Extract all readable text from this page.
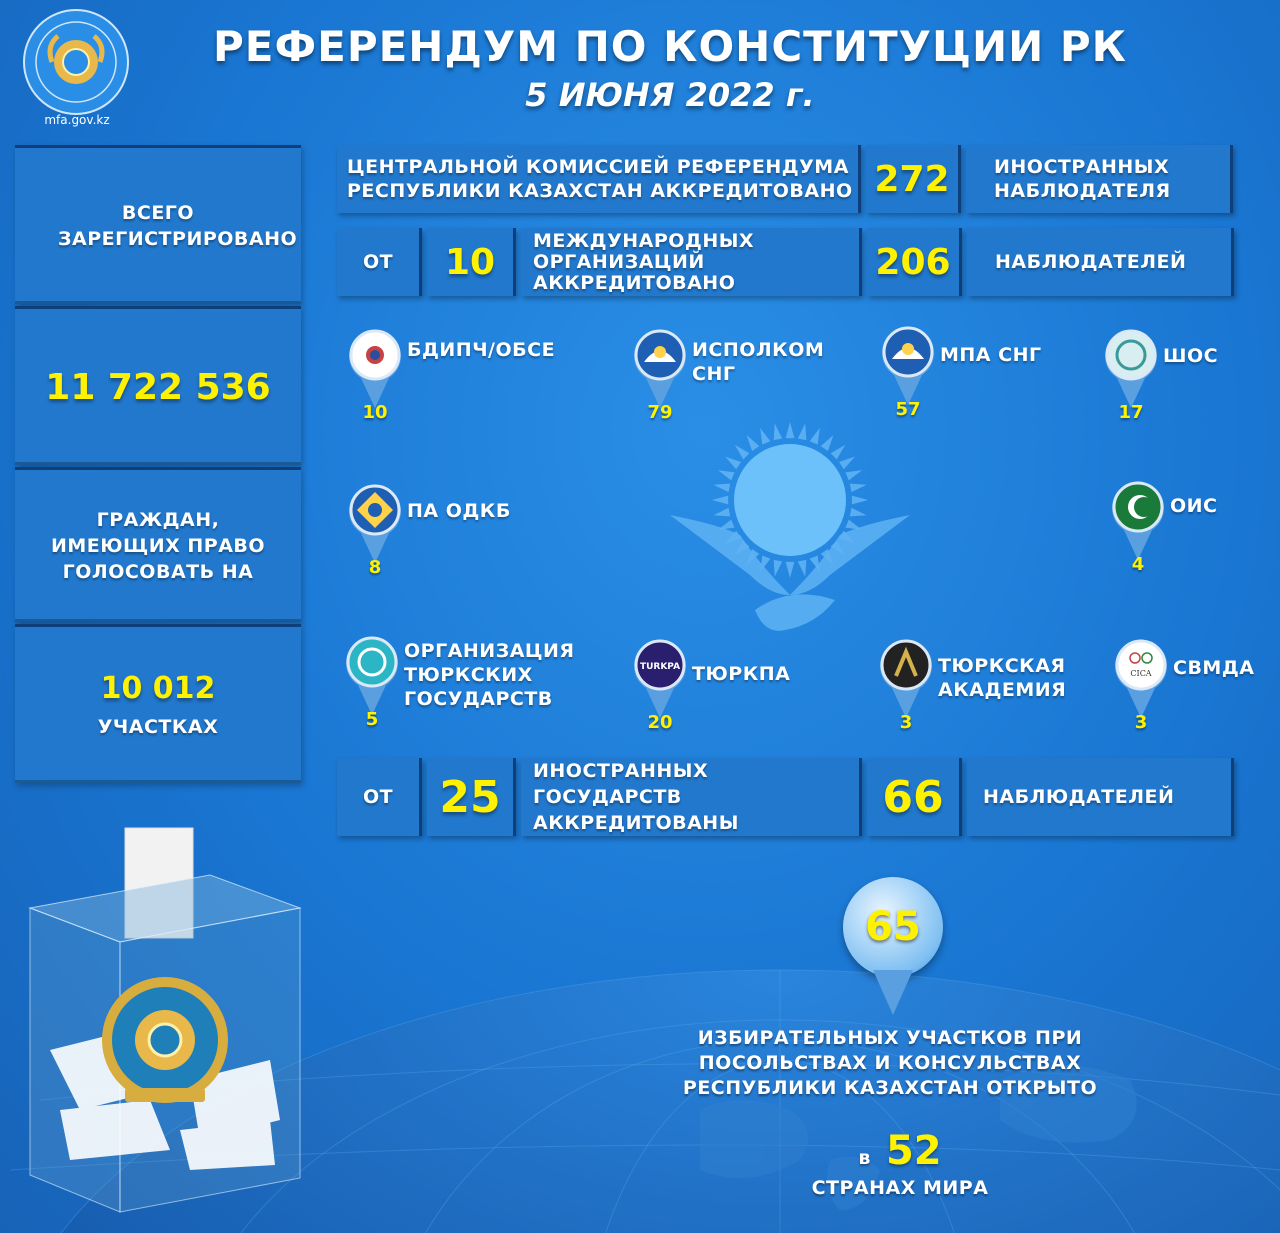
mfa.gov.kz
РЕФЕРЕНДУМ ПО КОНСТИТУЦИИ РК
5 ИЮНЯ 2022 г.
ВСЕГО ЗАРЕГИСТРИРОВАНО
11 722 536
ГРАЖДАН, ИМЕЮЩИХ ПРАВО ГОЛОСОВАТЬ НА
10 012
УЧАСТКАХ
ЦЕНТРАЛЬНОЙ КОМИССИЕЙ РЕФЕРЕНДУМА РЕСПУБЛИКИ КАЗАХСТАН АККРЕДИТОВАНО 272	ИНОСТРАННЫХ НАБЛЮДАТЕЛЯ
ОТ	10
МЕЖДУНАРОДНЫХ ОРГАНИЗАЦИЙ АККРЕДИТОВАНО	206	НАБЛЮДАТЕЛЕЙ
БДИПЧ/ОБСЕ
10
ИСПОЛКОМ СНГ
79
МПА СНГ
57
ШОС
17
ПА ОДКБ
8
ОИС
4
ОРГАНИЗАЦИЯ ТЮРКСКИХ ГОСУДАРСТВ
5
TURKPA ТЮРКПА
20
ТЮРКСКАЯ АКАДЕМИЯ
3
CICA СВМДА
3
ОТ 25
ИНОСТРАННЫХ ГОСУДАРСТВ АККРЕДИТОВАНЫ
66	НАБЛЮДАТЕЛЕЙ
65
ИЗБИРАТЕЛЬНЫХ УЧАСТКОВ ПРИ ПОСОЛЬСТВАХ И КОНСУЛЬСТВАХ РЕСПУБЛИКИ КАЗАХСТАН ОТКРЫТО
в 52
СТРАНАХ МИРА
